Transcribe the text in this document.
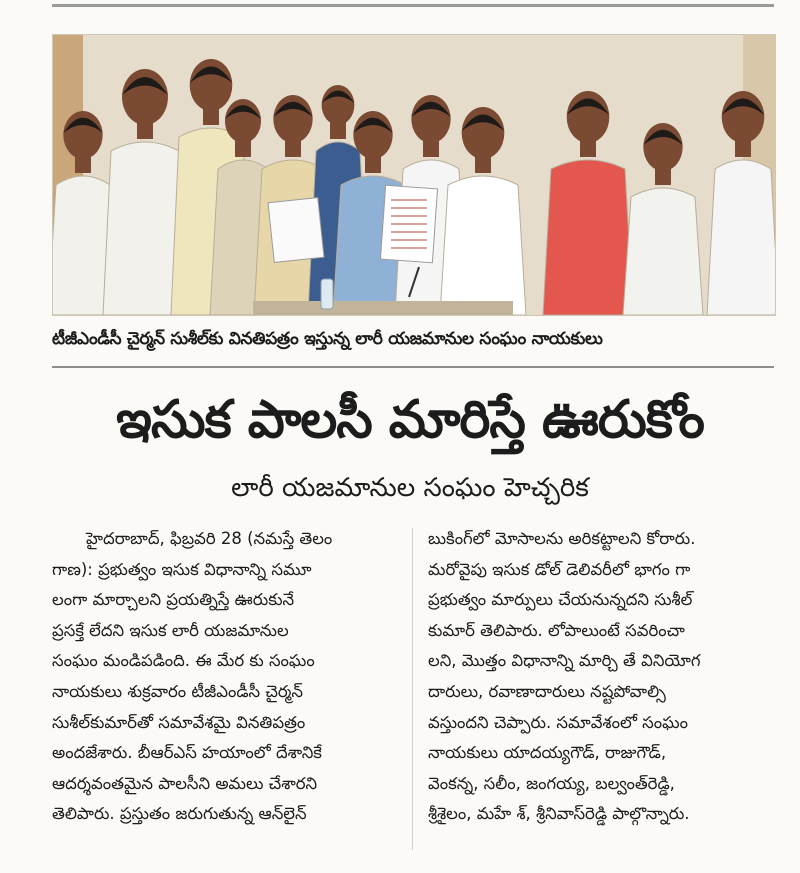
టీజీఎండీసీ చైర్మన్ సుశీల్‌కు వినతిపత్రం ఇస్తున్న లారీ యజమానుల సంఘం నాయకులు
ఇసుక పాలసీ మారిస్తే ఊరుకోం
లారీ యజమానుల సంఘం హెచ్చరిక
హైదరాబాద్, ఫిబ్రవరి 28 (నమస్తే తెలం
గాణ): ప్రభుత్వం ఇసుక విధానాన్ని సమూ
లంగా మార్చాలని ప్రయత్నిస్తే ఊరుకునే
ప్రసక్తే లేదని ఇసుక లారీ యజమానుల
సంఘం మండిపడింది. ఈ మేర కు సంఘం
నాయకులు శుక్రవారం టీజీఎండీసీ చైర్మన్
సుశీల్‌కుమార్‌తో సమావేశమై వినతిపత్రం
అందజేశారు. బీఆర్ఎస్ హయాంలో దేశానికే
ఆదర్శవంతమైన పాలసీని అమలు చేశారని
తెలిపారు. ప్రస్తుతం జరుగుతున్న ఆన్‌లైన్
బుకింగ్‌లో మోసాలను అరికట్టాలని కోరారు.
మరోవైపు ఇసుక డోల్ డెలివరీలో భాగం గా
ప్రభుత్వం మార్పులు చేయనున్నదని సుశీల్
కుమార్ తెలిపారు. లోపాలుంటే సవరించా
లని, మొత్తం విధానాన్ని మార్చి తే వినియోగ
దారులు, రవాణాదారులు నష్టపోవాల్సి
వస్తుందని చెప్పారు. సమావేశంలో సంఘం
నాయకులు యాదయ్యగౌడ్, రాజుగౌడ్,
వెంకన్న, సలీం, జంగయ్య, బల్వంత్‌రెడ్డి,
శ్రీశైలం, మహే శ్, శ్రీనివాస్‌రెడ్డి పాల్గొన్నారు.
